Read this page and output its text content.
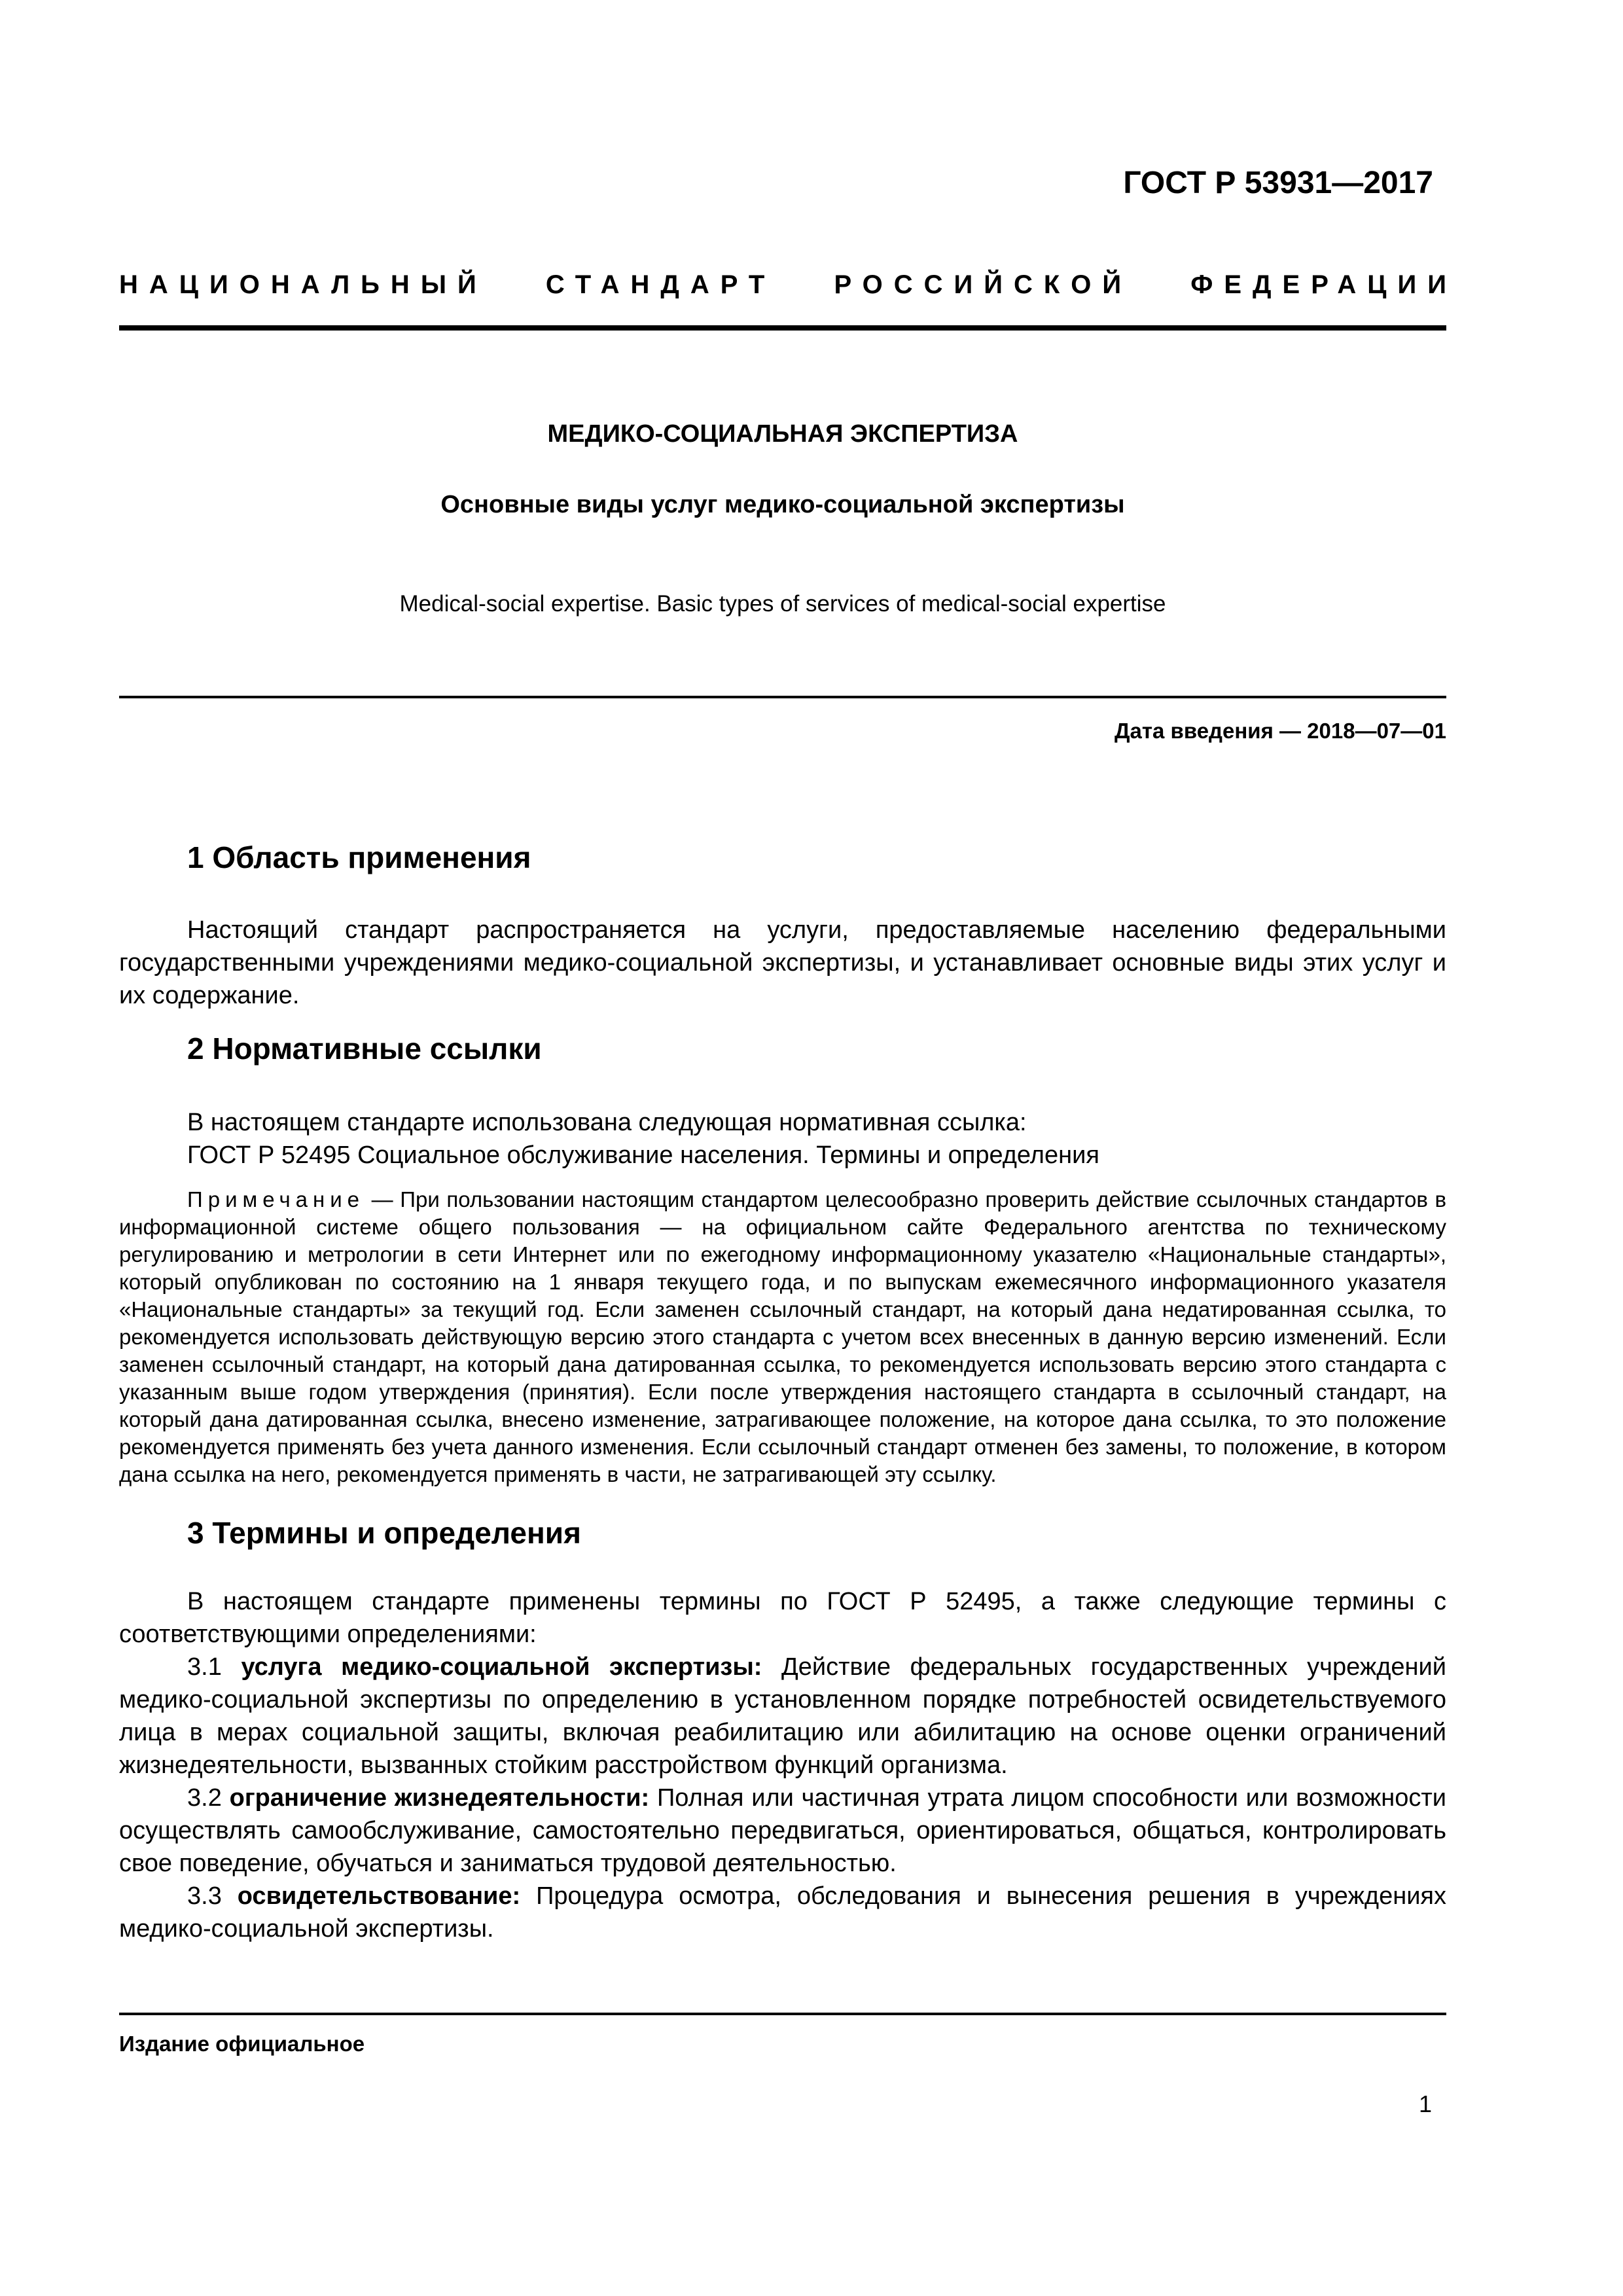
ГОСТ Р 53931—2017
НАЦИОНАЛЬНЫЙ СТАНДАРТ РОССИЙСКОЙ ФЕДЕРАЦИИ
МЕДИКО-СОЦИАЛЬНАЯ ЭКСПЕРТИЗА
Основные виды услуг медико-социальной экспертизы
Medical-social expertise. Basic types of services of medical-social expertise
Дата введения — 2018—07—01
1 Область применения

Настоящий стандарт распространяется на услуги, предоставляемые населению федеральными государственными учреждениями медико-социальной экспертизы, и устанавливает основные виды этих услуг и их содержание.

2 Нормативные ссылки

В настоящем стандарте использована следующая нормативная ссылка:

ГОСТ Р 52495 Социальное обслуживание населения. Термины и определения

Примечание — При пользовании настоящим стандартом целесообразно проверить действие ссылочных стандартов в информационной системе общего пользования — на официальном сайте Федерального агентства по техническому регулированию и метрологии в сети Интернет или по ежегодному информационному указателю «Национальные стандарты», который опубликован по состоянию на 1 января текущего года, и по выпускам ежемесячного информационного указателя «Национальные стандарты» за текущий год. Если заменен ссылочный стандарт, на который дана недатированная ссылка, то рекомендуется использовать действующую версию этого стандарта с учетом всех внесенных в данную версию изменений. Если заменен ссылочный стандарт, на который дана датированная ссылка, то рекомендуется использовать версию этого стандарта с указанным выше годом утверждения (принятия). Если после утверждения настоящего стандарта в ссылочный стандарт, на который дана датированная ссылка, внесено изменение, затрагивающее положение, на которое дана ссылка, то это положение рекомендуется применять без учета данного изменения. Если ссылочный стандарт отменен без замены, то положение, в котором дана ссылка на него, рекомендуется применять в части, не затрагивающей эту ссылку.

3 Термины и определения

В настоящем стандарте применены термины по ГОСТ Р 52495, а также следующие термины с соответствующими определениями:

3.1 услуга медико-социальной экспертизы: Действие федеральных государственных учреждений медико-социальной экспертизы по определению в установленном порядке потребностей освидетельствуемого лица в мерах социальной защиты, включая реабилитацию или абилитацию на основе оценки ограничений жизнедеятельности, вызванных стойким расстройством функций организма.

3.2 ограничение жизнедеятельности: Полная или частичная утрата лицом способности или возможности осуществлять самообслуживание, самостоятельно передвигаться, ориентироваться, общаться, контролировать свое поведение, обучаться и заниматься трудовой деятельностью.

3.3 освидетельствование: Процедура осмотра, обследования и вынесения решения в учреждениях медико-социальной экспертизы.

Издание официальное
1
